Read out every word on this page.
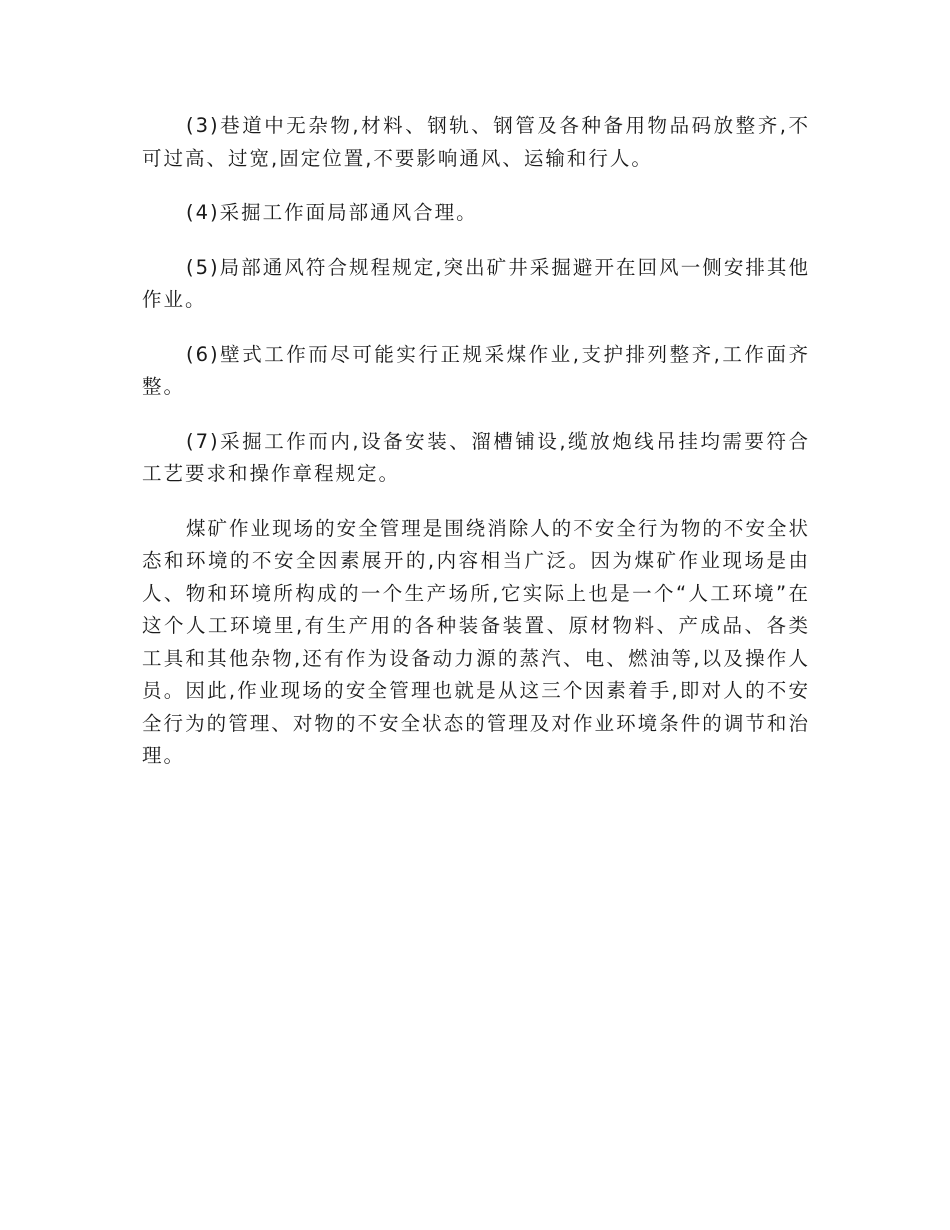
(3)巷道中无杂物,材料、钢轨、钢管及各种备用物品码放整齐,不可过高、过宽,固定位置,不要影响通风、运输和行人。

(4)采掘工作面局部通风合理。

(5)局部通风符合规程规定,突出矿井采掘避开在回风一侧安排其他作业。

(6)壁式工作而尽可能实行正规采煤作业,支护排列整齐,工作面齐整。

(7)采掘工作而内,设备安装、溜槽铺设,缆放炮线吊挂均需要符合工艺要求和操作章程规定。

煤矿作业现场的安全管理是围绕消除人的不安全行为物的不安全状态和环境的不安全因素展开的,内容相当广泛。因为煤矿作业现场是由人、物和环境所构成的一个生产场所,它实际上也是一个“人工环境”在这个人工环境里,有生产用的各种装备装置、原材物料、产成品、各类工具和其他杂物,还有作为设备动力源的蒸汽、电、燃油等,以及操作人员。因此,作业现场的安全管理也就是从这三个因素着手,即对人的不安全行为的管理、对物的不安全状态的管理及对作业环境条件的调节和治理。
